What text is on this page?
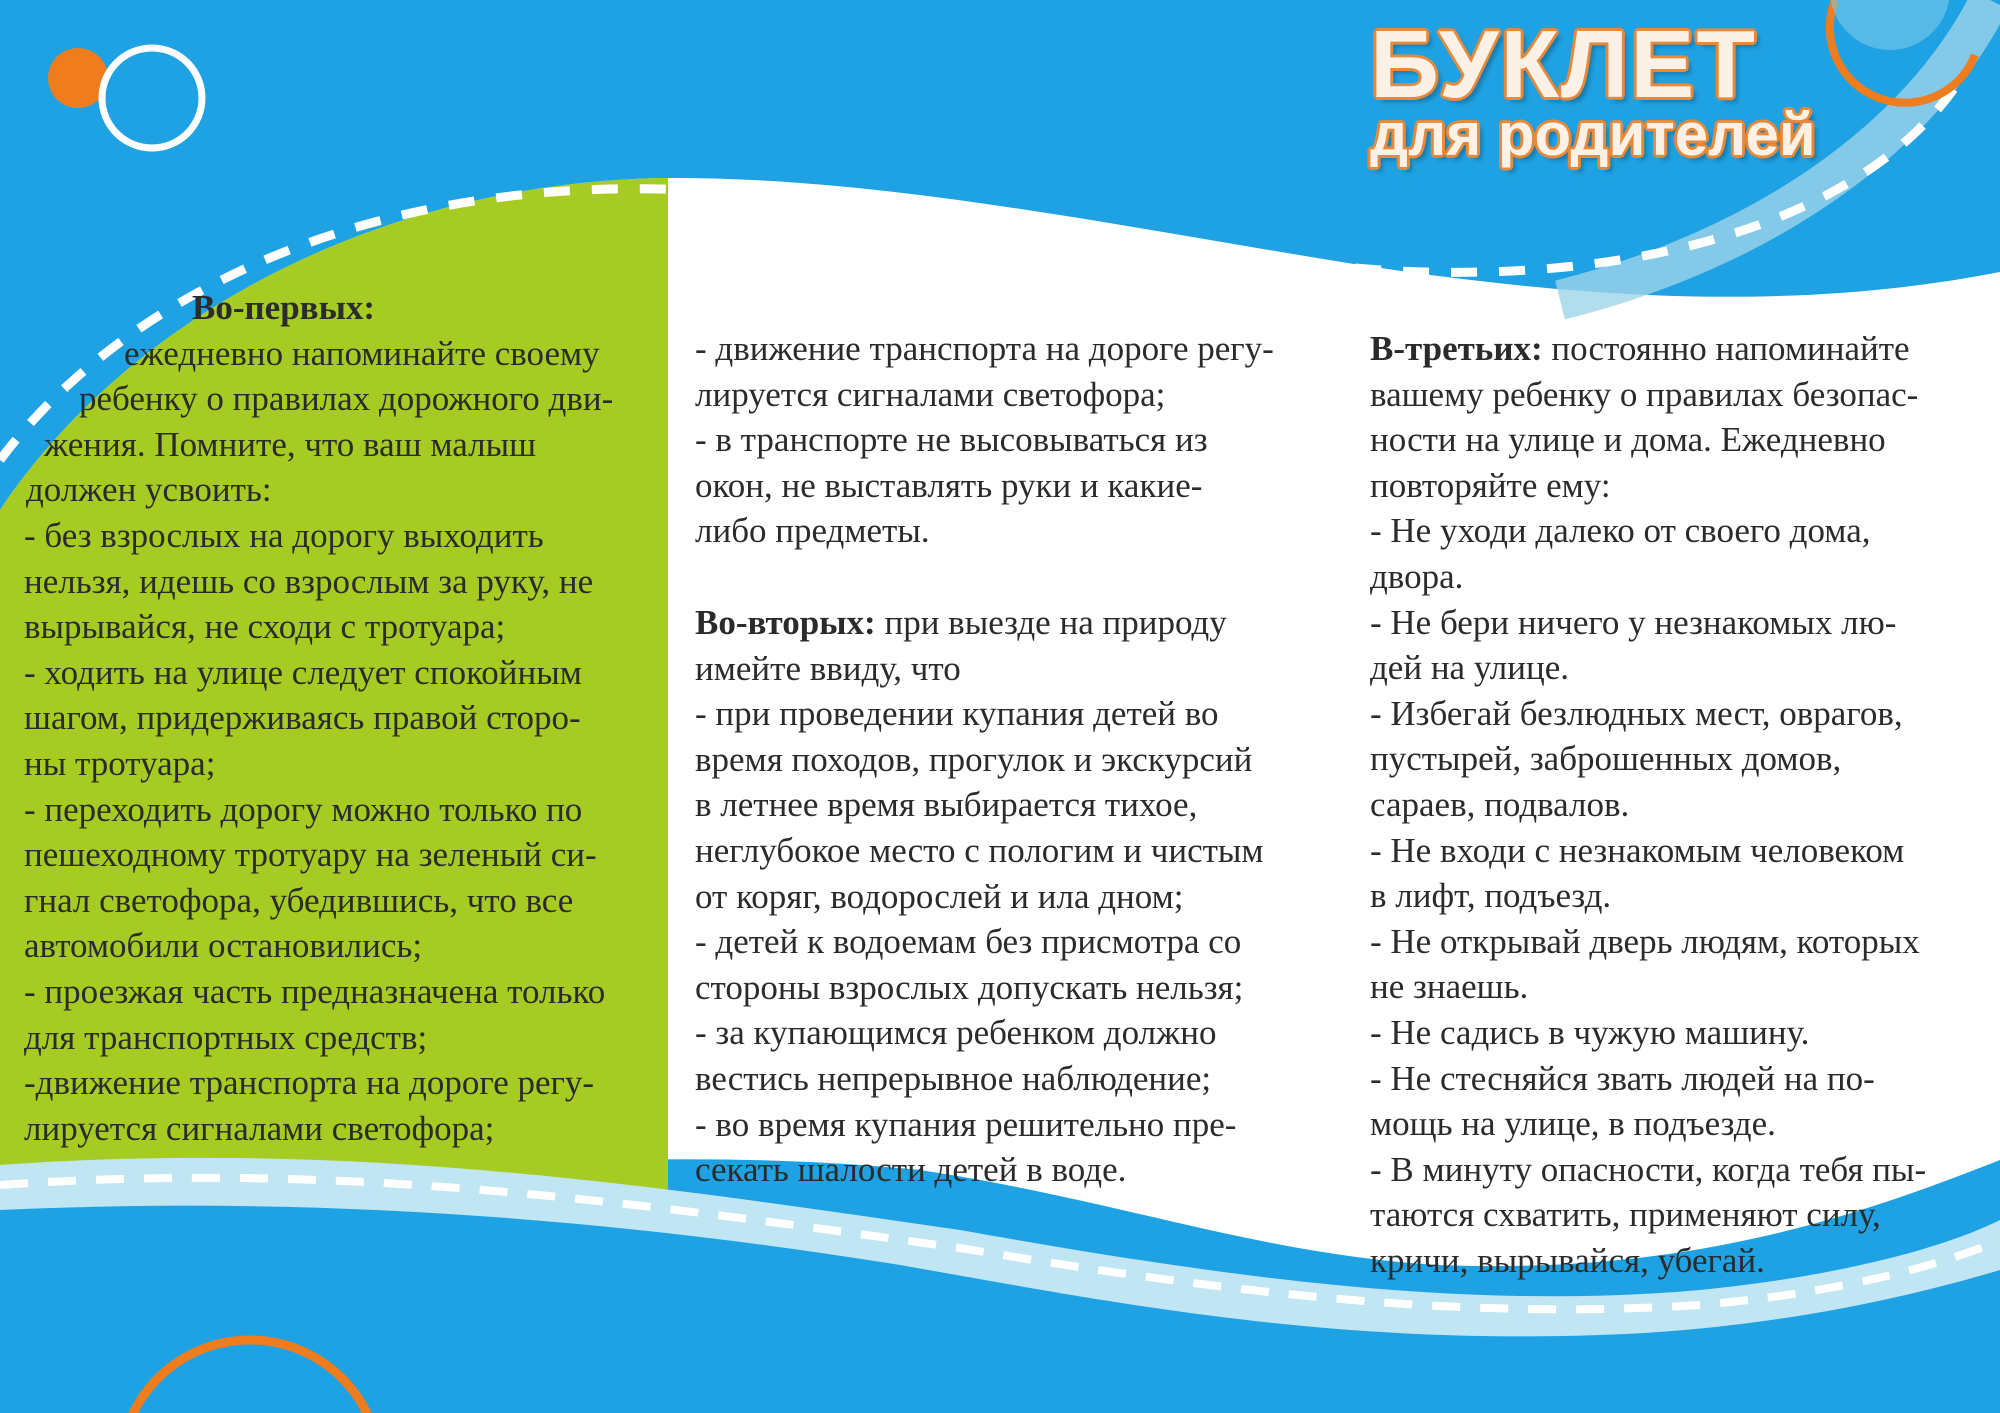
БУКЛЕТ
для родителей

Во-первых:

ежедневно напоминайте своему

ребенку о правилах дорожного дви-

жения. Помните, что ваш малыш

должен усвоить:

- без взрослых на дорогу выходить

нельзя, идешь со взрослым за руку, не

вырывайся, не сходи с тротуара;

- ходить на улице следует спокойным

шагом, придерживаясь правой сторо-

ны тротуара;

- переходить дорогу можно только по

пешеходному тротуару на зеленый си-

гнал светофора, убедившись, что все

автомобили остановились;

- проезжая часть предназначена только

для транспортных средств;

-движение транспорта на дороге регу-

лируется сигналами светофора;

- движение транспорта на дороге регу-

лируется сигналами светофора;

- в транспорте не высовываться из

окон, не выставлять руки и какие-

либо предметы.

Во-вторых: при выезде на природу

имейте ввиду, что

- при проведении купания детей во

время походов, прогулок и экскурсий

в летнее время выбирается тихое,

неглубокое место с пологим и чистым

от коряг, водорослей и ила дном;

- детей к водоемам без присмотра со

стороны взрослых допускать нельзя;

- за купающимся ребенком должно

вестись непрерывное наблюдение;

- во время купания решительно пре-

секать шалости детей в воде.

В-третьих: постоянно напоминайте

вашему ребенку о правилах безопас-

ности на улице и дома. Ежедневно

повторяйте ему:

- Не уходи далеко от своего дома,

двора.

- Не бери ничего у незнакомых лю-

дей на улице.

- Избегай безлюдных мест, оврагов,

пустырей, заброшенных домов,

сараев, подвалов.

- Не входи с незнакомым человеком

в лифт, подъезд.

- Не открывай дверь людям, которых

не знаешь.

- Не садись в чужую машину.

- Не стесняйся звать людей на по-

мощь на улице, в подъезде.

- В минуту опасности, когда тебя пы-

таются схватить, применяют силу,

кричи, вырывайся, убегай.
